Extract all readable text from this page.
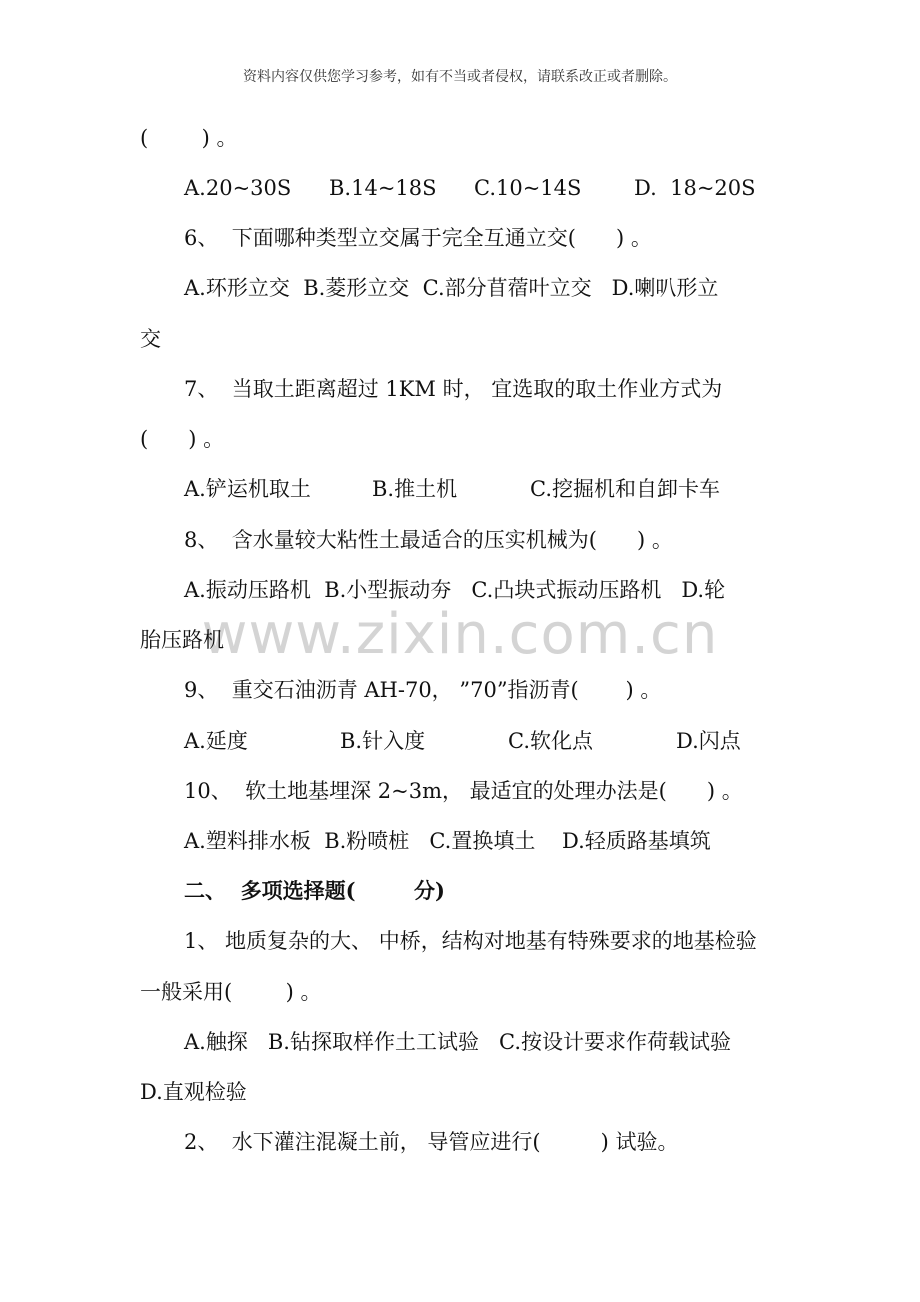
资料内容仅供您学习参考，如有不当或者侵权，请联系改正或者删除。
www.zixin.com.cn
(        ) 。
A.20~30S B.14~18S C.10~14S	D.  18~20S
6、  下面哪种类型立交属于完全互通立交(      ) 。
A.环形立交  B.菱形立交  C.部分苜蓿叶立交   D.喇叭形立
交
7、  当取土距离超过 1KM 时， 宜选取的取土作业方式为
(      ) 。
A.铲运机取土	B.推土机	C.挖掘机和自卸卡车
8、  含水量较大粘性土最适合的压实机械为(      ) 。
A.振动压路机  B.小型振动夯   C.凸块式振动压路机   D.轮
胎压路机
9、  重交石油沥青 AH-70， ”70”指沥青(       ) 。
A.延度	B.针入度	C.软化点	D.闪点
10、  软土地基埋深 2~3m， 最适宜的处理办法是(      ) 。
A.塑料排水板  B.粉喷桩   C.置换填土    D.轻质路基填筑
二、  多项选择题(        分)
1、 地质复杂的大、 中桥，结构对地基有特殊要求的地基检验
一般采用(        ) 。
A.触探   B.钻探取样作土工试验   C.按设计要求作荷载试验
D.直观检验
2、  水下灌注混凝土前， 导管应进行(         ) 试验。
